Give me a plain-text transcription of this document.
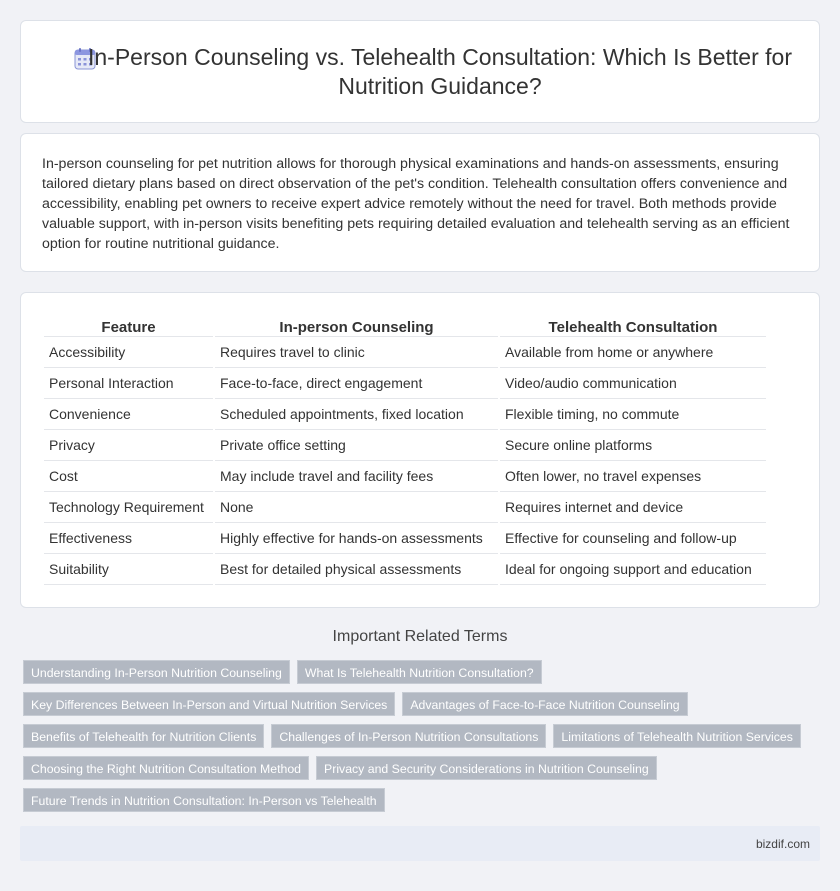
In-Person Counseling vs. Telehealth Consultation: Which Is Better for Nutrition Guidance?

In-person counseling for pet nutrition allows for thorough physical examinations and hands-on assessments, ensuring tailored dietary plans based on direct observation of the pet's condition. Telehealth consultation offers convenience and accessibility, enabling pet owners to receive expert advice remotely without the need for travel. Both methods provide valuable support, with in-person visits benefiting pets requiring detailed evaluation and telehealth serving as an efficient option for routine nutritional guidance.

Feature	In-person Counseling	Telehealth Consultation
Accessibility	Requires travel to clinic	Available from home or anywhere
Personal Interaction	Face-to-face, direct engagement	Video/audio communication
Convenience	Scheduled appointments, fixed location	Flexible timing, no commute
Privacy	Private office setting	Secure online platforms
Cost	May include travel and facility fees	Often lower, no travel expenses
Technology Requirement	None	Requires internet and device
Effectiveness	Highly effective for hands-on assessments	Effective for counseling and follow-up
Suitability	Best for detailed physical assessments	Ideal for ongoing support and education
Important Related Terms
Understanding In-Person Nutrition Counseling	What Is Telehealth Nutrition Consultation?
Key Differences Between In-Person and Virtual Nutrition Services	Advantages of Face-to-Face Nutrition Counseling
Benefits of Telehealth for Nutrition Clients	Challenges of In-Person Nutrition Consultations	Limitations of Telehealth Nutrition Services
Choosing the Right Nutrition Consultation Method	Privacy and Security Considerations in Nutrition Counseling
Future Trends in Nutrition Consultation: In-Person vs Telehealth
bizdif.com
